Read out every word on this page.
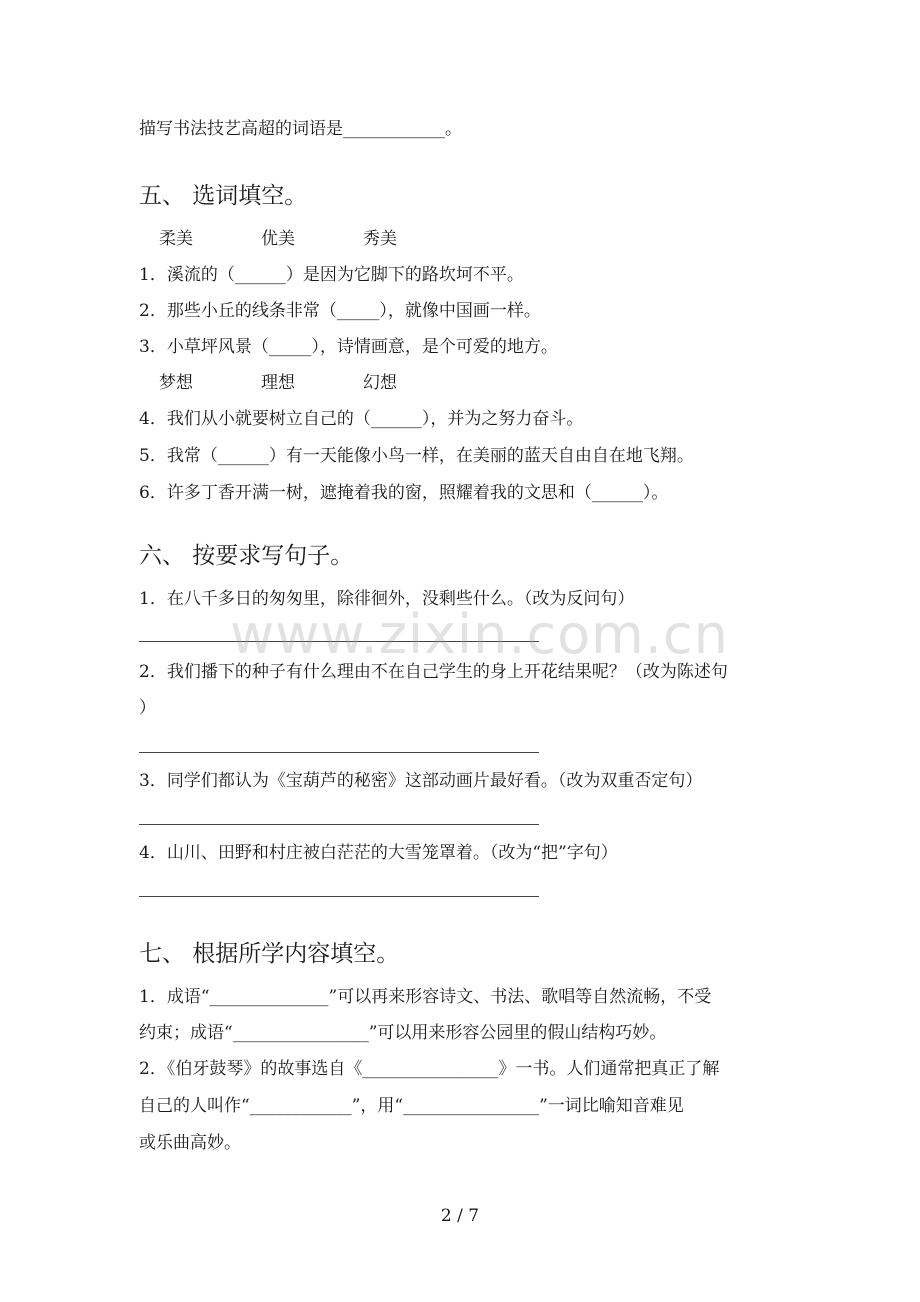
描写书法技艺高超的词语是____________。
五、 选词填空。
柔美	优美	秀美
1．溪流的（______）是因为它脚下的路坎坷不平。
2．那些小丘的线条非常（_____），就像中国画一样。
3．小草坪风景（_____），诗情画意，是个可爱的地方。
梦想	理想	幻想
4．我们从小就要树立自己的（______），并为之努力奋斗。
5．我常（______）有一天能像小鸟一样，在美丽的蓝天自由自在地飞翔。
6．许多丁香开满一树，遮掩着我的窗，照耀着我的文思和（______）。
六、 按要求写句子。
1．在八千多日的匆匆里，除徘徊外，没剩些什么。（改为反问句）
2．我们播下的种子有什么理由不在自己学生的身上开花结果呢？（改为陈述句
）
3．同学们都认为《宝葫芦的秘密》这部动画片最好看。（改为双重否定句）
4．山川、田野和村庄被白茫茫的大雪笼罩着。（改为“把”字句）
七、 根据所学内容填空。
1．成语“______________”可以再来形容诗文、书法、歌唱等自然流畅，不受
约束；成语“________________”可以用来形容公园里的假山结构巧妙。
2．《伯牙鼓琴》的故事选自《________________》一书。人们通常把真正了解
自己的人叫作“____________”，用“________________”一词比喻知音难见
或乐曲高妙。
www.zixin.com.cn
2 / 7
